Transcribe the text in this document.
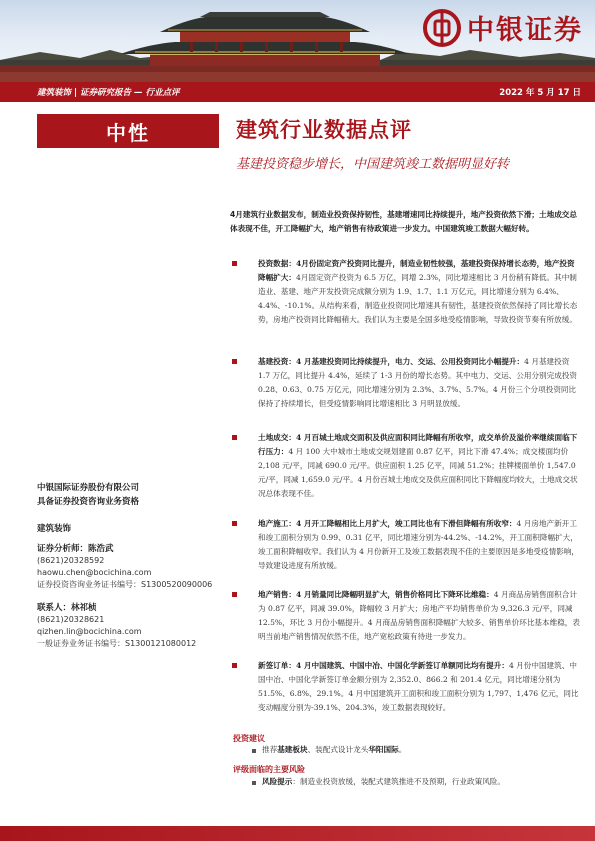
中银证券
建筑装饰 | 证券研究报告 — 行业点评	2022 年 5 月 17 日
中性
中银国际证券股份有限公司
具备证券投资咨询业务资格
建筑装饰
证券分析师：陈浩武
(8621)20328592
haowu.chen@bocichina.com
证券投资咨询业务证书编号：S1300520090006
联系人：林祁桢
(8621)20328621
qizhen.lin@bocichina.com
一般证券业务证书编号：S1300121080012
建筑行业数据点评
基建投资稳步增长，中国建筑竣工数据明显好转
4月建筑行业数据发布，制造业投资保持韧性，基建增速同比持续提升，地产投资依然下滑；土地成交总体表现不佳，开工降幅扩大，地产销售有待政策进一步发力。中国建筑竣工数据大幅好转。
投资数据：4月份固定资产投资同比提升，制造业韧性较强，基建投资保持增长态势，地产投资降幅扩大：4月固定资产投资为 6.5 万亿，同增 2.3%，同比增速相比 3 月份稍有降低。其中制造业、基建、地产开发投资完成额分别为 1.9、1.7、1.1 万亿元，同比增速分别为 6.4%、4.4%、-10.1%。从结构来看，制造业投资同比增速具有韧性，基建投资依然保持了同比增长态势，房地产投资同比降幅稍大。我们认为主要是全国多地受疫情影响，导致投资节奏有所放缓。
基建投资：4 月基建投资同比持续提升，电力、交运、公用投资同比小幅提升：4 月基建投资 1.7 万亿，同比提升 4.4%，延续了 1-3 月份的增长态势。其中电力、交运、公用分别完成投资 0.28、0.63、0.75 万亿元，同比增速分别为 2.3%、3.7%、5.7%。4 月份三个分项投资同比保持了持续增长，但受疫情影响同比增速相比 3 月明显放缓。
土地成交：4 月百城土地成交面积及供应面积同比降幅有所收窄，成交单价及溢价率继续面临下行压力：4 月 100 大中城市土地成交规划建面 0.87 亿平，同比下滑 47.4%；成交楼面均价 2,108 元/平，同减 690.0 元/平。供应面积 1.25 亿平，同减 51.2%；挂牌楼面单价 1,547.0 元/平，同减 1,659.0 元/平。4 月份百城土地成交及供应面积同比下降幅度均较大，土地成交状况总体表现不佳。
地产施工：4 月开工降幅相比上月扩大，竣工同比也有下滑但降幅有所收窄：4 月房地产新开工和竣工面积分别为 0.99、0.31 亿平，同比增速分别为-44.2%、-14.2%，开工面积降幅扩大，竣工面积降幅收窄。我们认为 4 月份新开工及竣工数据表现不佳的主要原因是多地受疫情影响，导致建设进度有所放缓。
地产销售：4 月销量同比降幅明显扩大，销售价格同比下降环比维稳：4 月商品房销售面积合计为 0.87 亿平，同减 39.0%，降幅较 3 月扩大；房地产平均销售单价为 9,326.3 元/平，同减 12.5%，环比 3 月份小幅提升。4 月商品房销售面积降幅扩大较多、销售单价环比基本维稳，表明当前地产销售情况依然不佳，地产宽松政策有待进一步发力。
新签订单：4 月中国建筑、中国中冶、中国化学新签订单额同比均有提升：4 月份中国建筑、中国中冶、中国化学新签订单金额分别为 2,352.0、866.2 和 201.4 亿元，同比增速分别为 51.5%、6.8%、29.1%。4 月中国建筑开工面积和竣工面积分别为 1,797、1,476 亿元，同比变动幅度分别为-39.1%、204.3%，竣工数据表现较好。
投资建议
推荐基建板块、装配式设计龙头华阳国际。
评级面临的主要风险
风险提示：制造业投资放缓，装配式建筑推进不及预期，行业政策风险。
